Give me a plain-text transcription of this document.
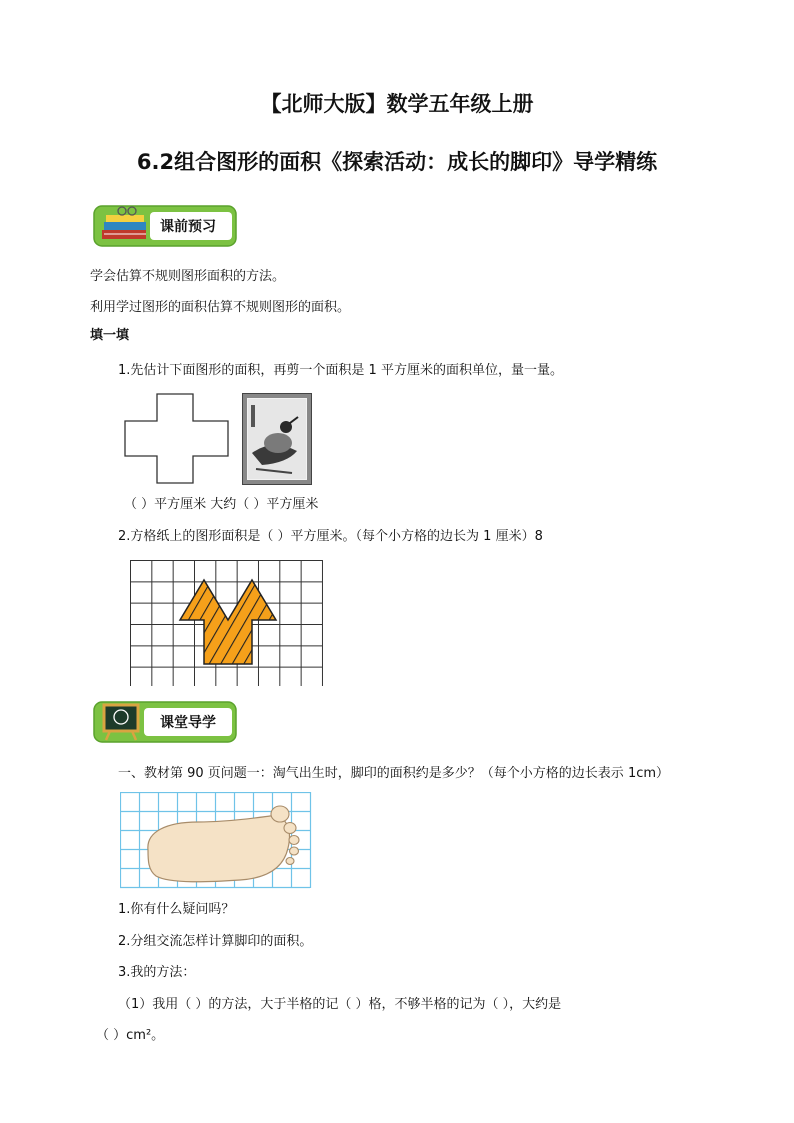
【北师大版】数学五年级上册
6.2组合图形的面积《探索活动：成长的脚印》导学精练
课前预习
学会估算不规则图形面积的方法。
利用学过图形的面积估算不规则图形的面积。
填一填
1.先估计下面图形的面积，再剪一个面积是 1 平方厘米的面积单位，量一量。
（ ）平方厘米 大约（ ）平方厘米
2.方格纸上的图形面积是（ ）平方厘米。（每个小方格的边长为 1 厘米）8
课堂导学
一、教材第 90 页问题一：淘气出生时，脚印的面积约是多少？（每个小方格的边长表示 1cm）
1.你有什么疑问吗？
2.分组交流怎样计算脚印的面积。
3.我的方法：
（1）我用（ ）的方法，大于半格的记（ ）格，不够半格的记为（ ），大约是
（ ）cm²。
